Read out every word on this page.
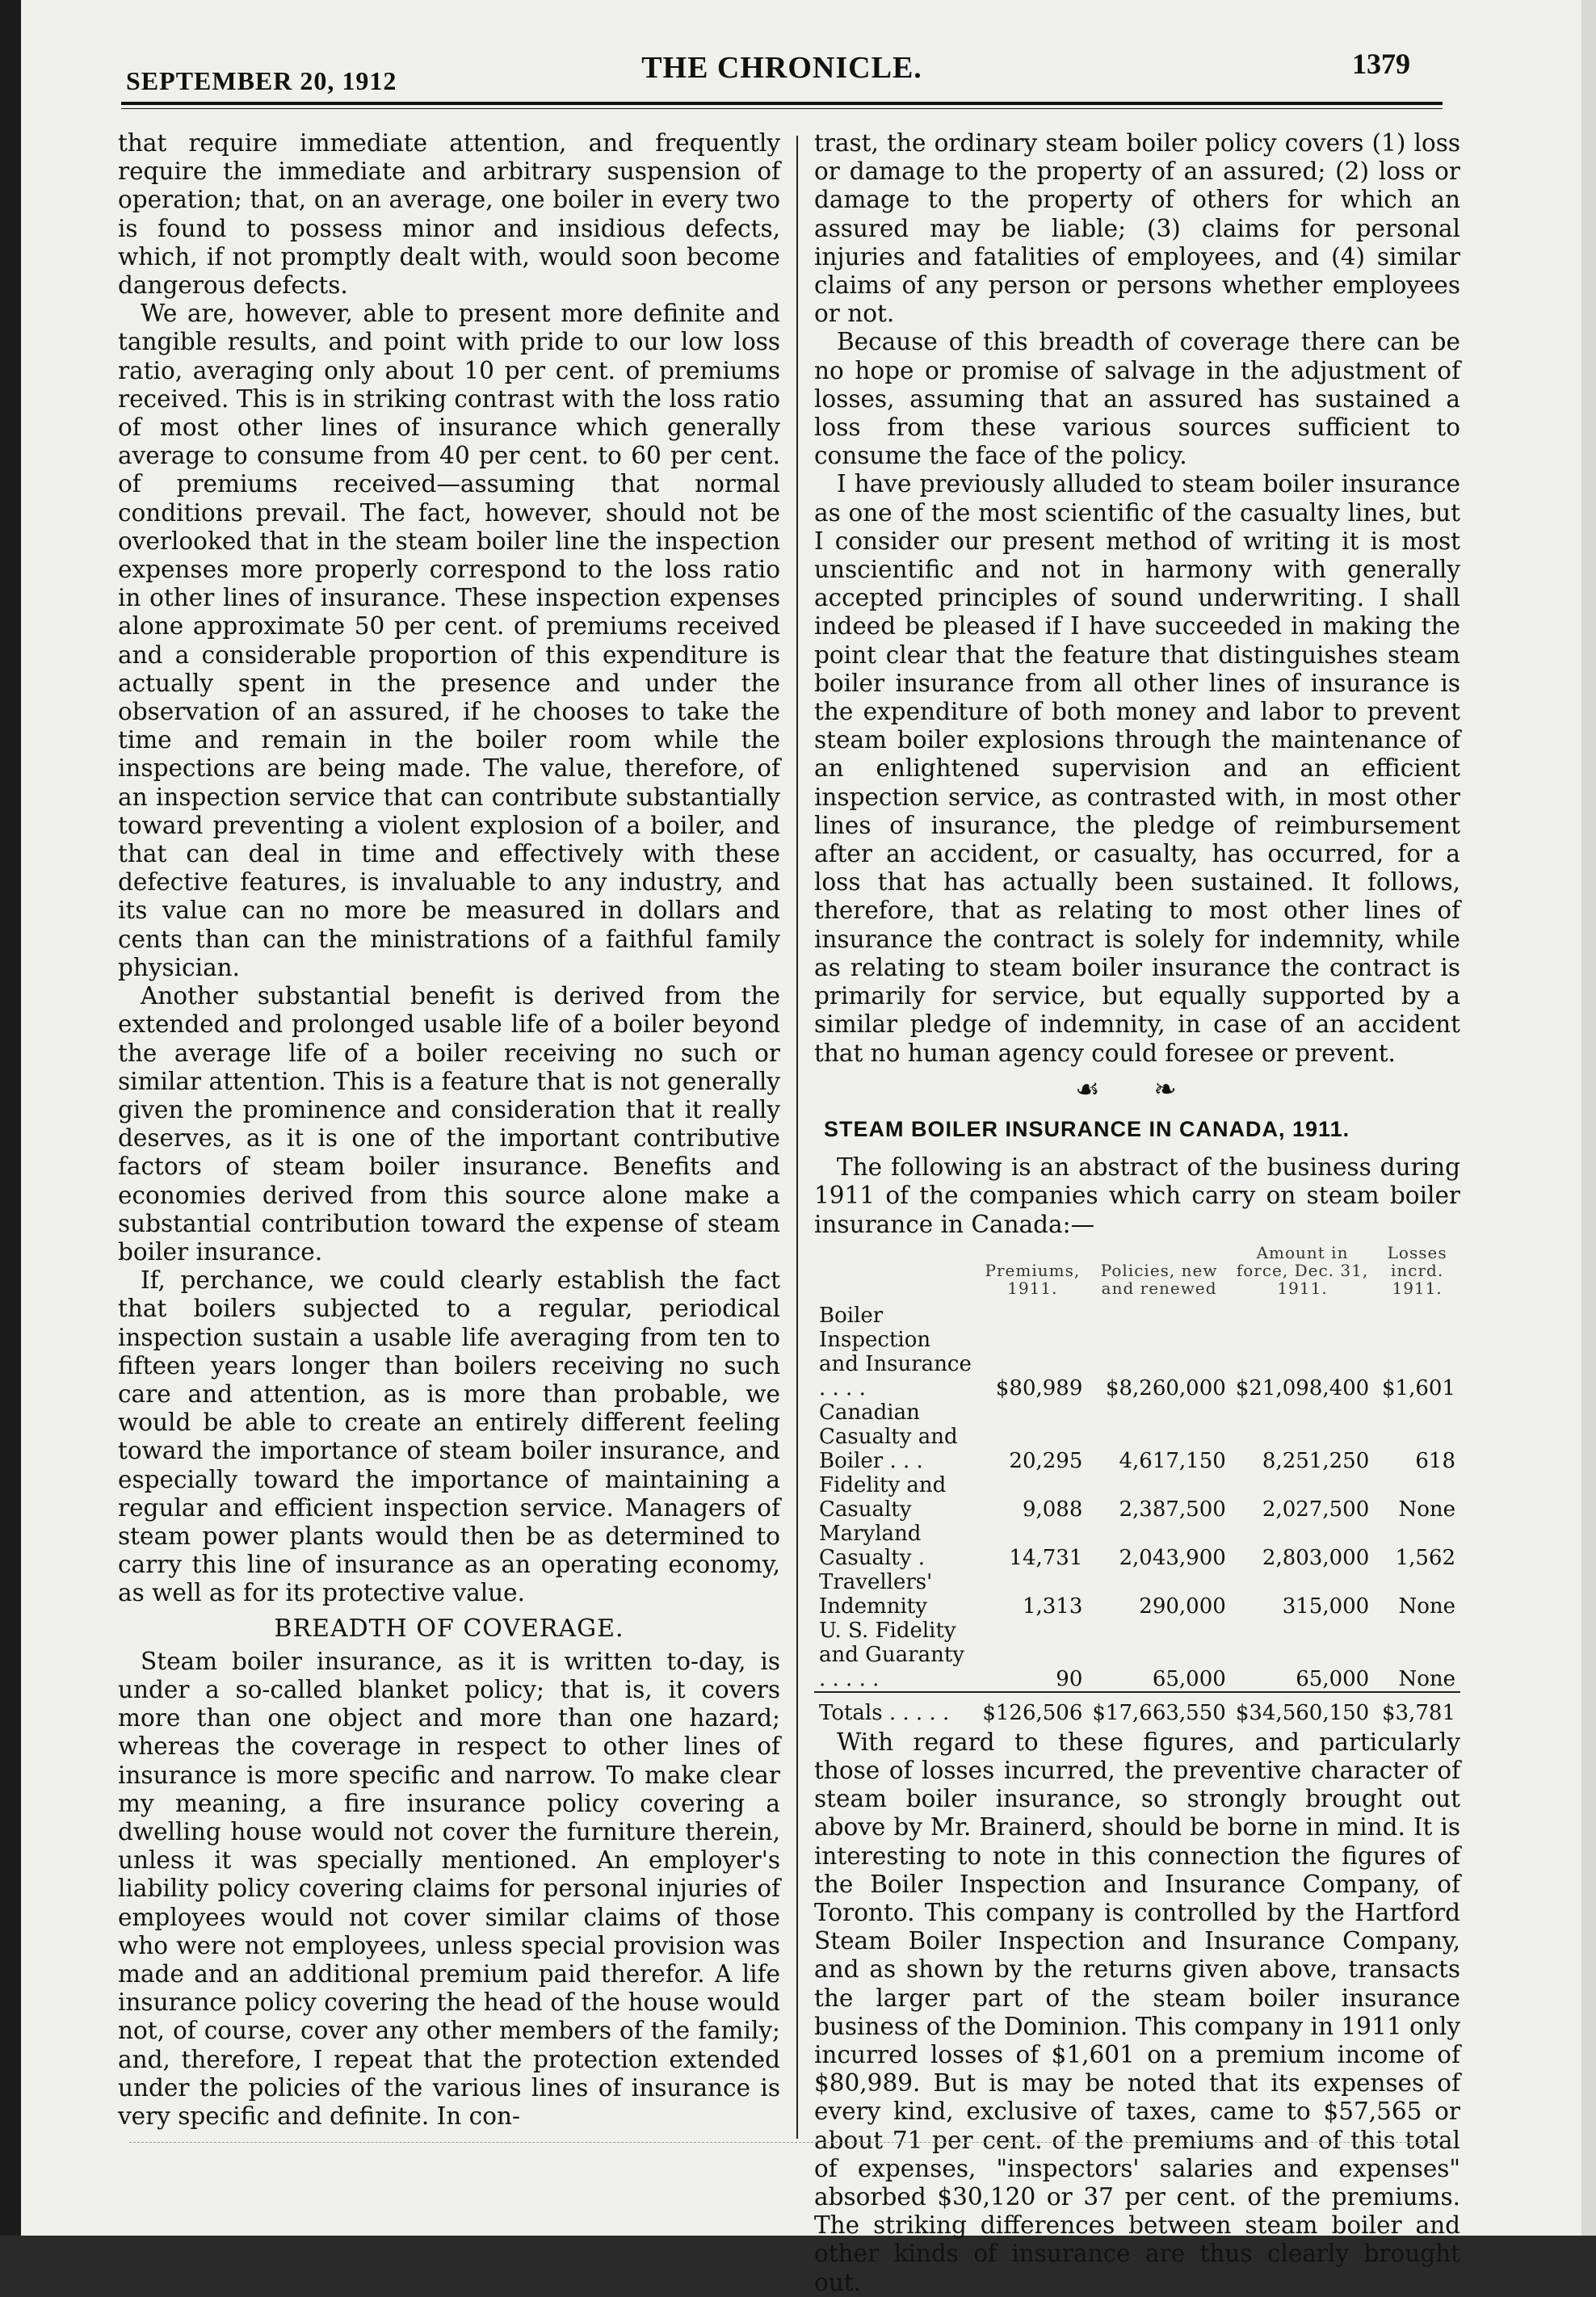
SEPTEMBER 20, 1912	THE CHRONICLE.	1379

that require immediate attention, and frequently require the immediate and arbitrary suspension of operation; that, on an average, one boiler in every two is found to possess minor and insidious defects, which, if not promptly dealt with, would soon become dangerous defects.

We are, however, able to present more definite and tangible results, and point with pride to our low loss ratio, averaging only about 10 per cent. of premiums received. This is in striking contrast with the loss ratio of most other lines of insurance which generally average to consume from 40 per cent. to 60 per cent. of premiums received—assuming that normal conditions prevail. The fact, however, should not be overlooked that in the steam boiler line the inspection expenses more properly correspond to the loss ratio in other lines of insurance. These inspection expenses alone approximate 50 per cent. of premiums received and a considerable proportion of this expenditure is actually spent in the presence and under the observation of an assured, if he chooses to take the time and remain in the boiler room while the inspections are being made. The value, therefore, of an inspection service that can contribute substantially toward preventing a violent explosion of a boiler, and that can deal in time and effectively with these defective features, is invaluable to any industry, and its value can no more be measured in dollars and cents than can the ministrations of a faithful family physician.

Another substantial benefit is derived from the extended and prolonged usable life of a boiler beyond the average life of a boiler receiving no such or similar attention. This is a feature that is not generally given the prominence and consideration that it really deserves, as it is one of the important contributive factors of steam boiler insurance. Benefits and economies derived from this source alone make a substantial contribution toward the expense of steam boiler insurance.

If, perchance, we could clearly establish the fact that boilers subjected to a regular, periodical inspection sustain a usable life averaging from ten to fifteen years longer than boilers receiving no such care and attention, as is more than probable, we would be able to create an entirely different feeling toward the importance of steam boiler insurance, and especially toward the importance of maintaining a regular and efficient inspection service. Managers of steam power plants would then be as determined to carry this line of insurance as an operating economy, as well as for its protective value.

BREADTH OF COVERAGE.

Steam boiler insurance, as it is written to-day, is under a so-called blanket policy; that is, it covers more than one object and more than one hazard; whereas the coverage in respect to other lines of insurance is more specific and narrow. To make clear my meaning, a fire insurance policy covering a dwelling house would not cover the furniture therein, unless it was specially mentioned. An employer's liability policy covering claims for personal injuries of employees would not cover similar claims of those who were not employees, unless special provision was made and an additional premium paid therefor. A life insurance policy covering the head of the house would not, of course, cover any other members of the family; and, therefore, I repeat that the protection extended under the policies of the various lines of insurance is very specific and definite. In con-

trast, the ordinary steam boiler policy covers (1) loss or damage to the property of an assured; (2) loss or damage to the property of others for which an assured may be liable; (3) claims for personal injuries and fatalities of employees, and (4) similar claims of any person or persons whether employees or not.

Because of this breadth of coverage there can be no hope or promise of salvage in the adjustment of losses, assuming that an assured has sustained a loss from these various sources sufficient to consume the face of the policy.

I have previously alluded to steam boiler insurance as one of the most scientific of the casualty lines, but I consider our present method of writing it is most unscientific and not in harmony with generally accepted principles of sound underwriting. I shall indeed be pleased if I have succeeded in making the point clear that the feature that distinguishes steam boiler insurance from all other lines of insurance is the expenditure of both money and labor to prevent steam boiler explosions through the maintenance of an enlightened supervision and an efficient inspection service, as contrasted with, in most other lines of insurance, the pledge of reimbursement after an accident, or casualty, has occurred, for a loss that has actually been sustained. It follows, therefore, that as relating to most other lines of insurance the contract is solely for indemnity, while as relating to steam boiler insurance the contract is primarily for service, but equally supported by a similar pledge of indemnity, in case of an accident that no human agency could foresee or prevent.

☙ ❧
STEAM BOILER INSURANCE IN CANADA, 1911.

The following is an abstract of the business during 1911 of the companies which carry on steam boiler insurance in Canada:—

	Premiums, 1911.	Policies, new and renewed	Amount in force, Dec. 31, 1911.	Losses incrd. 1911.
Boiler Inspection and Insurance . . . .	$80,989	$8,260,000	$21,098,400	$1,601
Canadian Casualty and Boiler . . .	20,295	4,617,150	8,251,250	618
Fidelity and Casualty	9,088	2,387,500	2,027,500	None
Maryland Casualty .	14,731	2,043,900	2,803,000	1,562
Travellers' Indemnity	1,313	290,000	315,000	None
U. S. Fidelity and Guaranty . . . . .	90	65,000	65,000	None
Totals . . . . .	$126,506	$17,663,550	$34,560,150	$3,781

With regard to these figures, and particularly those of losses incurred, the preventive character of steam boiler insurance, so strongly brought out above by Mr. Brainerd, should be borne in mind. It is interesting to note in this connection the figures of the Boiler Inspection and Insurance Company, of Toronto. This company is controlled by the Hartford Steam Boiler Inspection and Insurance Company, and as shown by the returns given above, transacts the larger part of the steam boiler insurance business of the Dominion. This company in 1911 only incurred losses of $1,601 on a premium income of $80,989. But is may be noted that its expenses of every kind, exclusive of taxes, came to $57,565 or about 71 per cent. of the premiums and of this total of expenses, "inspectors' salaries and expenses" absorbed $30,120 or 37 per cent. of the premiums. The striking differences between steam boiler and other kinds of insurance are thus clearly brought out.
